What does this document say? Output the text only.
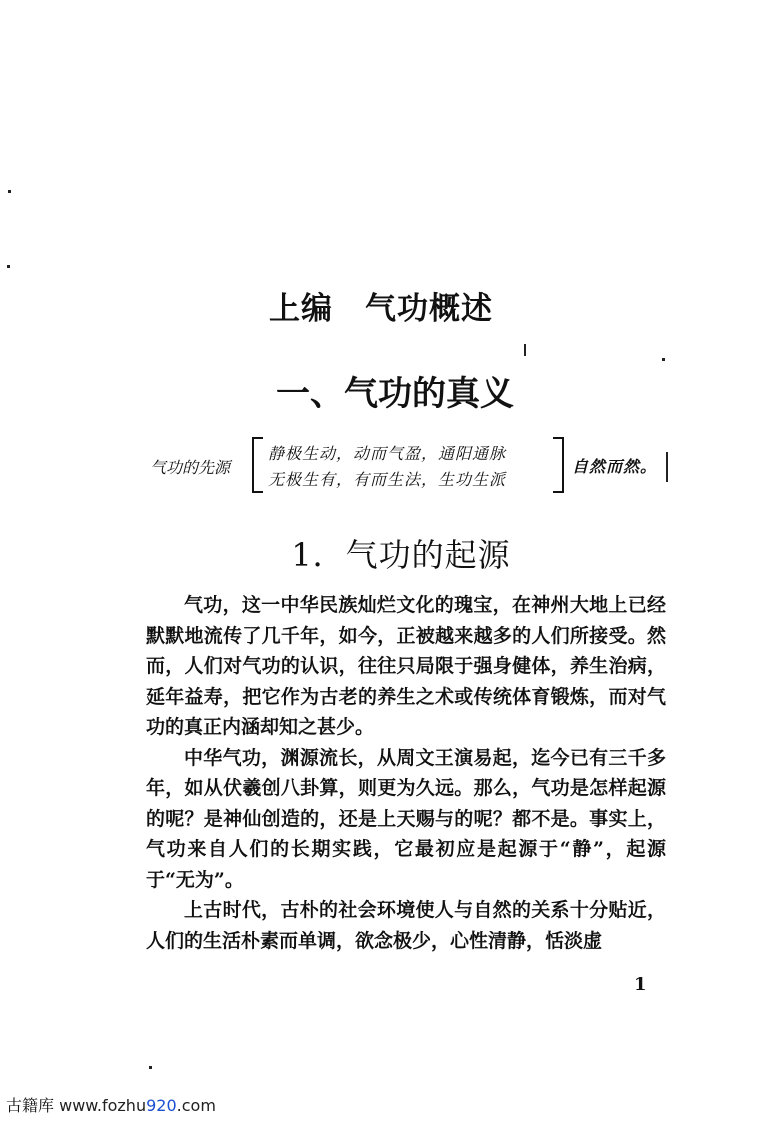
上编　气功概述
一、气功的真义
气功的先源
静极生动，动而气盈，通阳通脉
无极生有，有而生法，生功生派
自然而然。
1．气功的起源

气功，这一中华民族灿烂文化的瑰宝，在神州大地上已经默默地流传了几千年，如今，正被越来越多的人们所接受。然而，人们对气功的认识，往往只局限于强身健体，养生治病，延年益寿，把它作为古老的养生之术或传统体育锻炼，而对气功的真正内涵却知之甚少。

中华气功，渊源流长，从周文王演易起，迄今已有三千多年，如从伏羲创八卦算，则更为久远。那么，气功是怎样起源的呢？是神仙创造的，还是上天赐与的呢？都不是。事实上，气功来自人们的长期实践，它最初应是起源于“静”，起源于“无为”。

上古时代，古朴的社会环境使人与自然的关系十分贴近，人们的生活朴素而单调，欲念极少，心性清静，恬淡虚

1
古籍库 www.fozhu920.com
